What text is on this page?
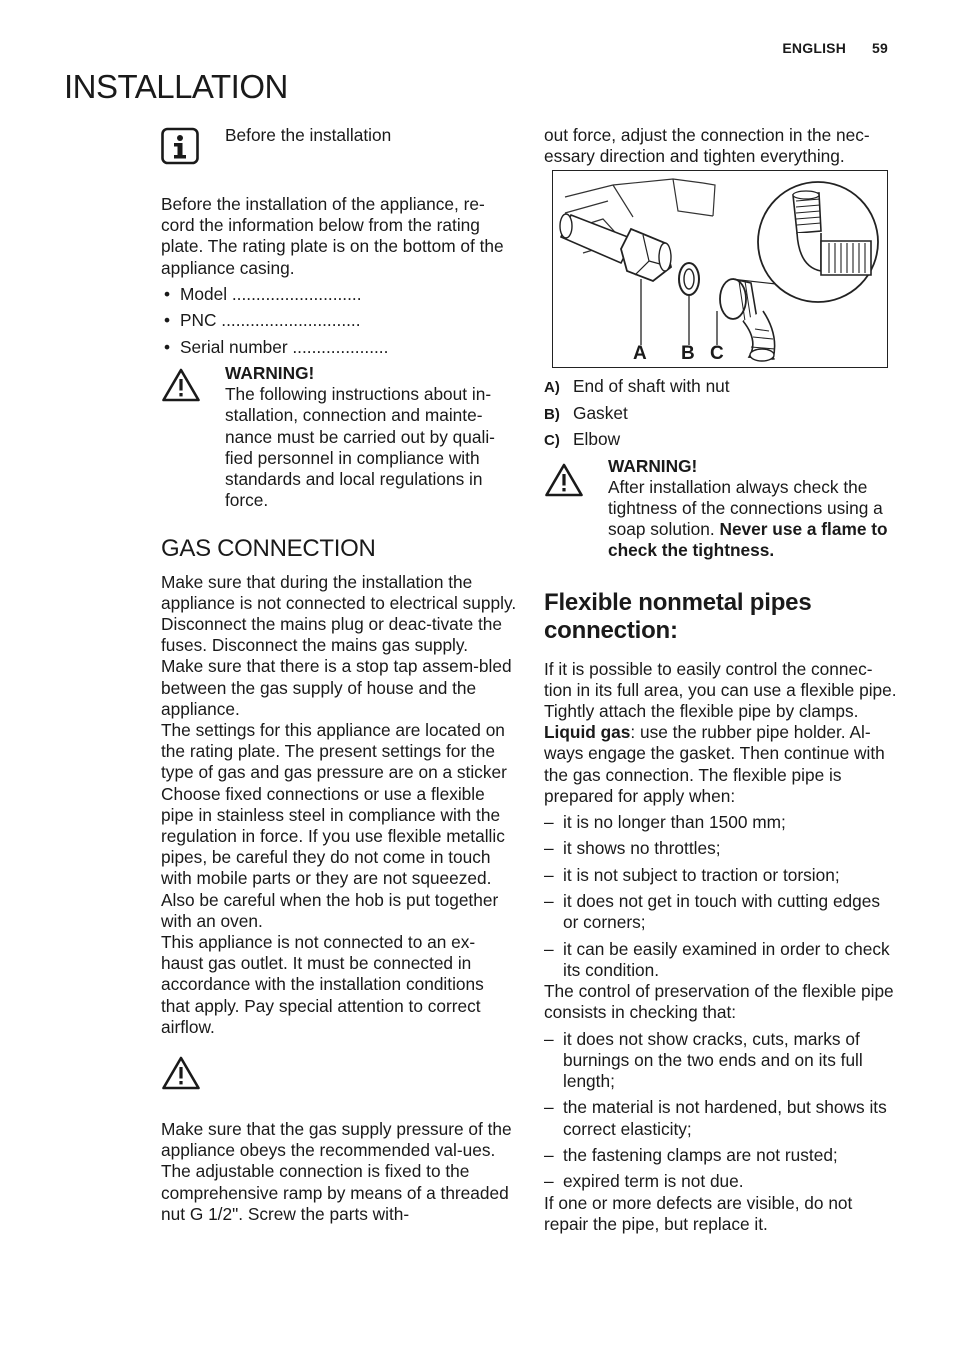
ENGLISH 59
INSTALLATION

Before the installation

Before the installation of the appliance, re-cord the information below from the rating plate. The rating plate is on the bottom of the appliance casing.

• Model ...........................
• PNC .............................
• Serial number ....................

WARNING!

The following instructions about in-stallation, connection and mainte-nance must be carried out by quali-fied personnel in compliance with standards and local regulations in force.

GAS CONNECTION

Make sure that during the installation the appliance is not connected to electrical supply. Disconnect the mains plug or deac-tivate the fuses. Disconnect the mains gas supply.

Make sure that there is a stop tap assem-bled between the gas supply of house and the appliance.

The settings for this appliance are located on the rating plate. The present settings for the type of gas and gas pressure are on a sticker

Choose fixed connections or use a flexible pipe in stainless steel in compliance with the regulation in force. If you use flexible metallic pipes, be careful they do not come in touch with mobile parts or they are not squeezed. Also be careful when the hob is put together with an oven.

This appliance is not connected to an ex-haust gas outlet. It must be connected in accordance with the installation conditions that apply. Pay special attention to correct airflow.

Make sure that the gas supply pressure of the appliance obeys the recommended val-ues. The adjustable connection is fixed to the comprehensive ramp by means of a threaded nut G 1/2". Screw the parts with-

out force, adjust the connection in the nec-essary direction and tighten everything.

A B C
A) End of shaft with nut
B) Gasket
C) Elbow

WARNING!

After installation always check the tightness of the connections using a soap solution. Never use a flame to check the tightness.

Flexible nonmetal pipes connection:

If it is possible to easily control the connec-tion in its full area, you can use a flexible pipe. Tightly attach the flexible pipe by clamps.

Liquid gas: use the rubber pipe holder. Al-ways engage the gasket. Then continue with the gas connection. The flexible pipe is prepared for apply when:

– it is no longer than 1500 mm;
– it shows no throttles;
– it is not subject to traction or torsion;
– it does not get in touch with cutting edges or corners;
– it can be easily examined in order to check its condition.

The control of preservation of the flexible pipe consists in checking that:

– it does not show cracks, cuts, marks of burnings on the two ends and on its full length;
– the material is not hardened, but shows its correct elasticity;
– the fastening clamps are not rusted;
– expired term is not due.

If one or more defects are visible, do not repair the pipe, but replace it.
